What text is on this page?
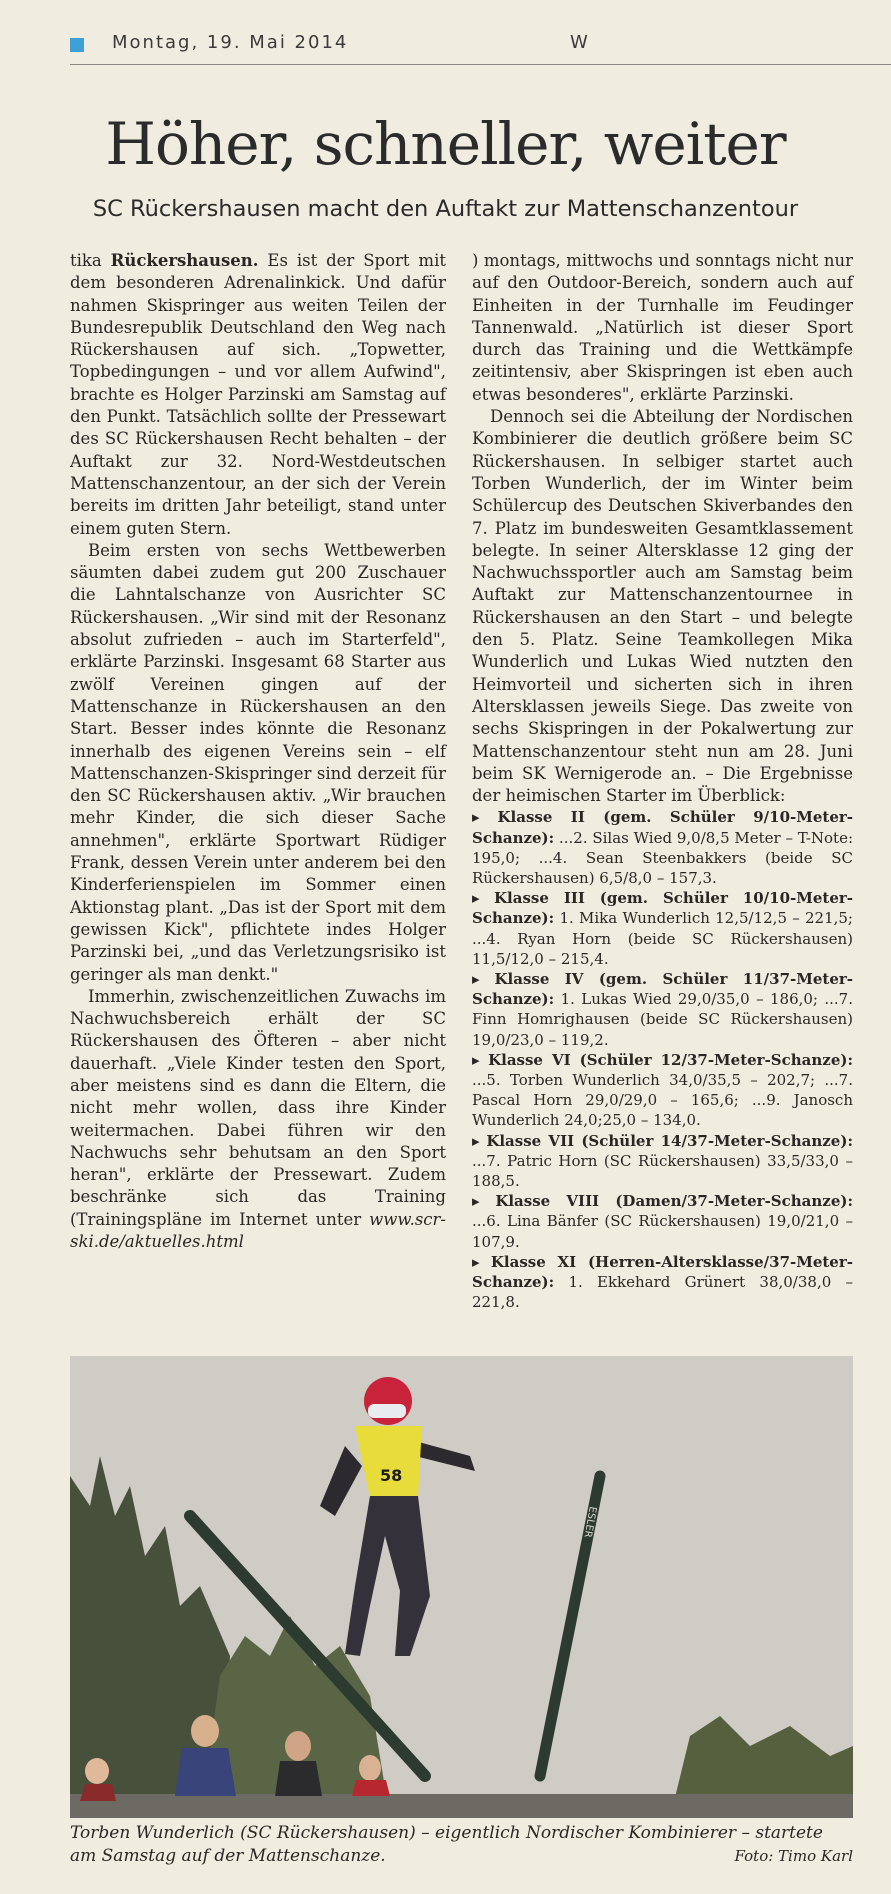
Montag, 19. Mai 2014	W
Höher, schneller, weiter
SC Rückershausen macht den Auftakt zur Mattenschanzentour

tika Rückershausen. Es ist der Sport mit dem besonderen Adrenalinkick. Und dafür nahmen Skispringer aus weiten Teilen der Bundesrepublik Deutschland den Weg nach Rückershausen auf sich. „Topwetter, Topbedingungen – und vor allem Aufwind", brachte es Holger Parzinski am Samstag auf den Punkt. Tatsächlich sollte der Pressewart des SC Rückershausen Recht behalten – der Auftakt zur 32. Nord-Westdeutschen Mattenschanzentour, an der sich der Verein bereits im dritten Jahr beteiligt, stand unter einem guten Stern.

Beim ersten von sechs Wettbewerben säumten dabei zudem gut 200 Zuschauer die Lahntalschanze von Ausrichter SC Rückershausen. „Wir sind mit der Resonanz absolut zufrieden – auch im Starterfeld", erklärte Parzinski. Insgesamt 68 Starter aus zwölf Vereinen gingen auf der Mattenschanze in Rückershausen an den Start. Besser indes könnte die Resonanz innerhalb des eigenen Vereins sein – elf Mattenschanzen-Skispringer sind derzeit für den SC Rückershausen aktiv. „Wir brauchen mehr Kinder, die sich dieser Sache annehmen", erklärte Sportwart Rüdiger Frank, dessen Verein unter anderem bei den Kinderferienspielen im Sommer einen Aktionstag plant. „Das ist der Sport mit dem gewissen Kick", pflichtete indes Holger Parzinski bei, „und das Verletzungsrisiko ist geringer als man denkt."

Immerhin, zwischenzeitlichen Zuwachs im Nachwuchsbereich erhält der SC Rückershausen des Öfteren – aber nicht dauerhaft. „Viele Kinder testen den Sport, aber meistens sind es dann die Eltern, die nicht mehr wollen, dass ihre Kinder weitermachen. Dabei führen wir den Nachwuchs sehr behutsam an den Sport heran", erklärte der Pressewart. Zudem beschränke sich das Training (Trainingspläne im Internet unter www.scr-ski.de/aktuelles.html

) montags, mittwochs und sonntags nicht nur auf den Outdoor-Bereich, sondern auch auf Einheiten in der Turnhalle im Feudinger Tannenwald. „Natürlich ist dieser Sport durch das Training und die Wettkämpfe zeitintensiv, aber Skispringen ist eben auch etwas besonderes", erklärte Parzinski.

Dennoch sei die Abteilung der Nordischen Kombinierer die deutlich größere beim SC Rückershausen. In selbiger startet auch Torben Wunderlich, der im Winter beim Schülercup des Deutschen Skiverbandes den 7. Platz im bundesweiten Gesamtklassement belegte. In seiner Altersklasse 12 ging der Nachwuchssportler auch am Samstag beim Auftakt zur Mattenschanzentournee in Rückershausen an den Start – und belegte den 5. Platz. Seine Teamkollegen Mika Wunderlich und Lukas Wied nutzten den Heimvorteil und sicherten sich in ihren Altersklassen jeweils Siege. Das zweite von sechs Skispringen in der Pokalwertung zur Mattenschanzentour steht nun am 28. Juni beim SK Wernigerode an. – Die Ergebnisse der heimischen Starter im Überblick:

▸ Klasse II (gem. Schüler 9/10-Meter-Schanze): ...2. Silas Wied 9,0/8,5 Meter – T-Note: 195,0; ...4. Sean Steenbakkers (beide SC Rückershausen) 6,5/8,0 – 157,3.

▸ Klasse III (gem. Schüler 10/10-Meter-Schanze): 1. Mika Wunderlich 12,5/12,5 – 221,5; ...4. Ryan Horn (beide SC Rückershausen) 11,5/12,0 – 215,4.

▸ Klasse IV (gem. Schüler 11/37-Meter-Schanze): 1. Lukas Wied 29,0/35,0 – 186,0; ...7. Finn Homrighausen (beide SC Rückershausen) 19,0/23,0 – 119,2.

▸ Klasse VI (Schüler 12/37-Meter-Schanze): ...5. Torben Wunderlich 34,0/35,5 – 202,7; ...7. Pascal Horn 29,0/29,0 – 165,6; ...9. Janosch Wunderlich 24,0;25,0 – 134,0.

▸ Klasse VII (Schüler 14/37-Meter-Schanze): ...7. Patric Horn (SC Rückershausen) 33,5/33,0 – 188,5.

▸ Klasse VIII (Damen/37-Meter-Schanze): ...6. Lina Bänfer (SC Rückershausen) 19,0/21,0 – 107,9.

▸ Klasse XI (Herren-Altersklasse/37-Meter-Schanze): 1. Ekkehard Grünert 38,0/38,0 – 221,8.

ESLER
58
Torben Wunderlich (SC Rückershausen) – eigentlich Nordischer Kombinierer – startete am Samstag auf der Mattenschanze.	Foto: Timo Karl
